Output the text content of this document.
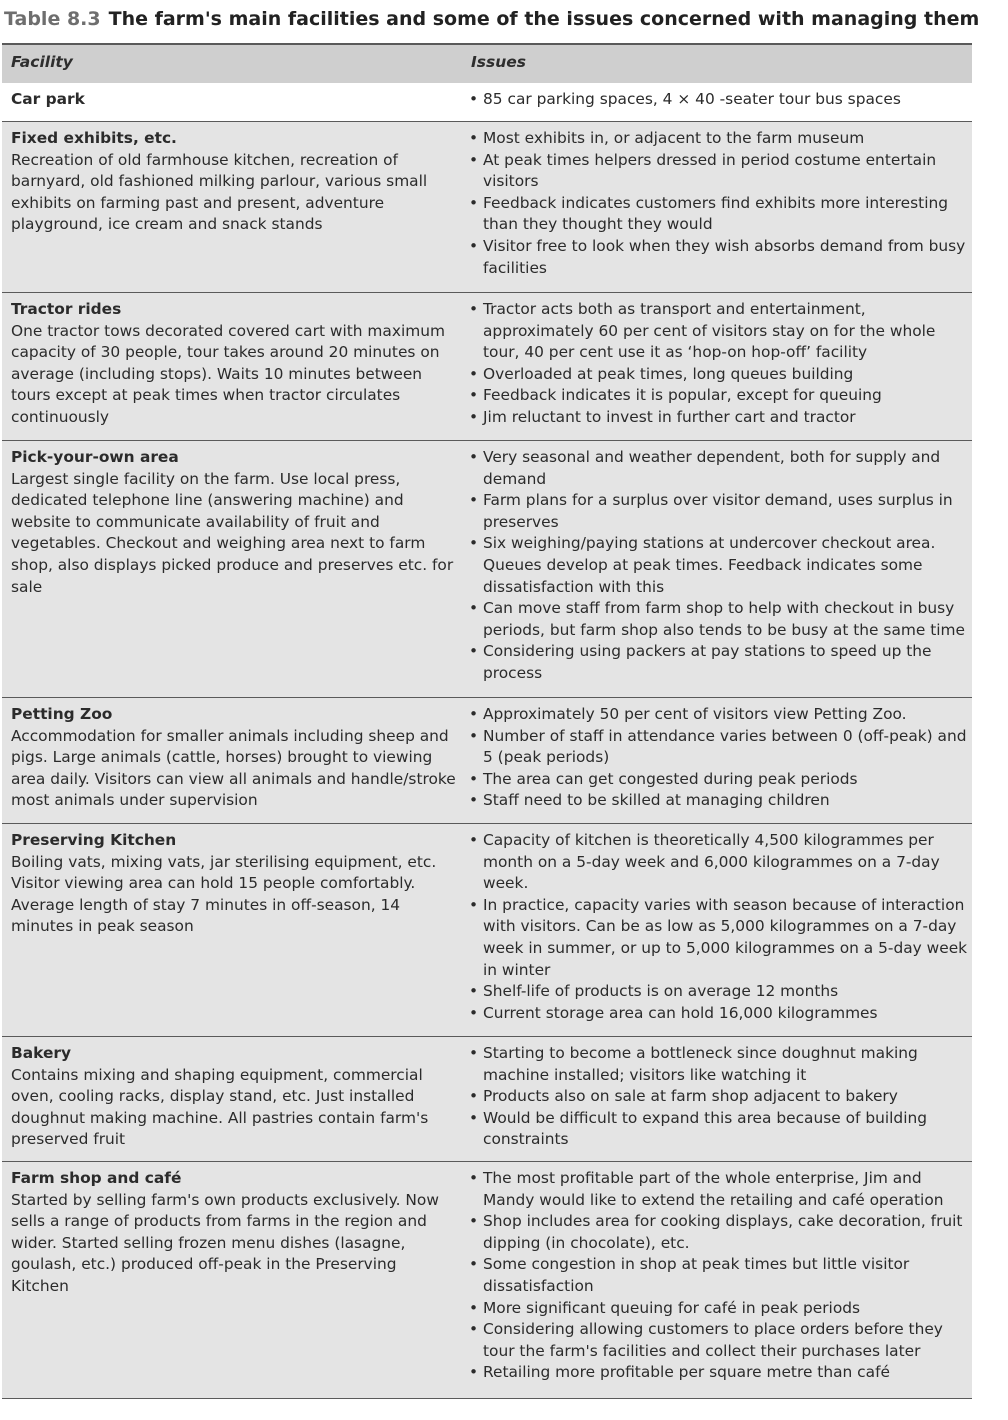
Table 8.3 The farm's main facilities and some of the issues concerned with managing them
Facility	Issues
Car park
•	85 car parking spaces, 4 × 40 -seater tour bus spaces
Fixed exhibits, etc.
Recreation of old farmhouse kitchen, recreation of barnyard, old fashioned milking parlour, various small exhibits on farming past and present, adventure playground, ice cream and snack stands
• Most exhibits in, or adjacent to the farm museum
• At peak times helpers dressed in period costume entertain visitors
• Feedback indicates customers find exhibits more interesting than they thought they would
• Visitor free to look when they wish absorbs demand from busy facilities
Tractor rides
One tractor tows decorated covered cart with maximum capacity of 30 people, tour takes around 20 minutes on average (including stops). Waits 10 minutes between tours except at peak times when tractor circulates continuously
• Tractor acts both as transport and entertainment, approximately 60 per cent of visitors stay on for the whole tour, 40 per cent use it as ‘hop-on hop-off’ facility
• Overloaded at peak times, long queues building
• Feedback indicates it is popular, except for queuing
• Jim reluctant to invest in further cart and tractor
Pick-your-own area
Largest single facility on the farm. Use local press, dedicated telephone line (answering machine) and website to communicate availability of fruit and vegetables. Checkout and weighing area next to farm shop, also displays picked produce and preserves etc. for sale
• Very seasonal and weather dependent, both for supply and demand
• Farm plans for a surplus over visitor demand, uses surplus in preserves
• Six weighing/paying stations at undercover checkout area. Queues develop at peak times. Feedback indicates some dissatisfaction with this
• Can move staff from farm shop to help with checkout in busy periods, but farm shop also tends to be busy at the same time
• Considering using packers at pay stations to speed up the process
Petting Zoo
Accommodation for smaller animals including sheep and pigs. Large animals (cattle, horses) brought to viewing area daily. Visitors can view all animals and handle/stroke most animals under supervision
• Approximately 50 per cent of visitors view Petting Zoo.
• Number of staff in attendance varies between 0 (off-peak) and 5 (peak periods)
• The area can get congested during peak periods
• Staff need to be skilled at managing children
Preserving Kitchen
Boiling vats, mixing vats, jar sterilising equipment, etc. Visitor viewing area can hold 15 people comfortably. Average length of stay 7 minutes in off-season, 14 minutes in peak season
• Capacity of kitchen is theoretically 4,500 kilogrammes per month on a 5-day week and 6,000 kilogrammes on a 7-day week.
• In practice, capacity varies with season because of interaction with visitors. Can be as low as 5,000 kilogrammes on a 7-day week in summer, or up to 5,000 kilogrammes on a 5-day week in winter
• Shelf-life of products is on average 12 months
• Current storage area can hold 16,000 kilogrammes
Bakery
Contains mixing and shaping equipment, commercial oven, cooling racks, display stand, etc. Just installed doughnut making machine. All pastries contain farm's preserved fruit
• Starting to become a bottleneck since doughnut making machine installed; visitors like watching it
• Products also on sale at farm shop adjacent to bakery
• Would be difficult to expand this area because of building constraints
Farm shop and café
Started by selling farm's own products exclusively. Now sells a range of products from farms in the region and wider. Started selling frozen menu dishes (lasagne, goulash, etc.) produced off-peak in the Preserving Kitchen
• The most profitable part of the whole enterprise, Jim and Mandy would like to extend the retailing and café operation
• Shop includes area for cooking displays, cake decoration, fruit dipping (in chocolate), etc.
• Some congestion in shop at peak times but little visitor dissatisfaction
• More significant queuing for café in peak periods
• Considering allowing customers to place orders before they tour the farm's facilities and collect their purchases later
• Retailing more profitable per square metre than café
